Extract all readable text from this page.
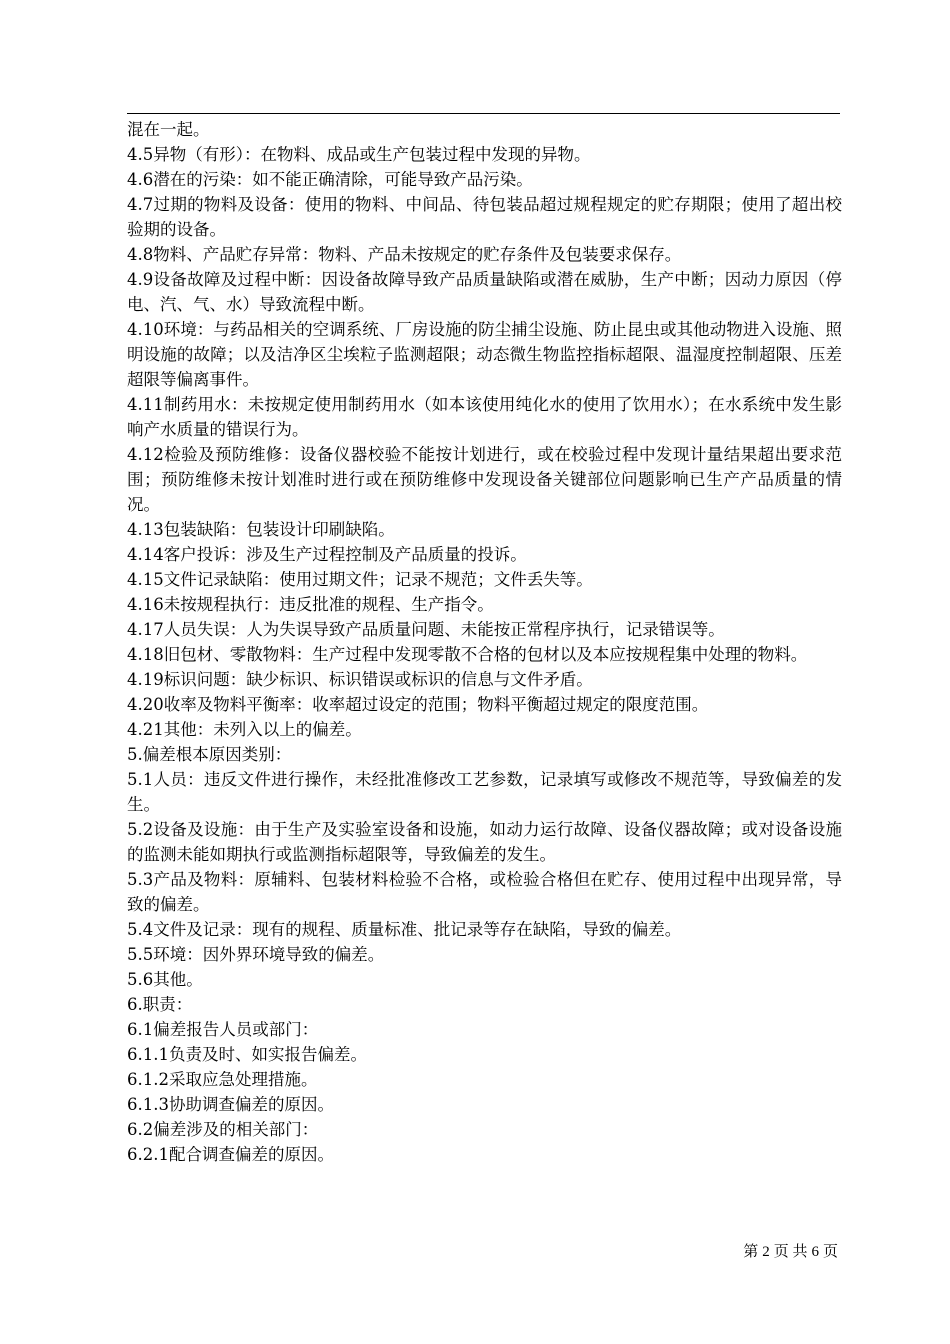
混在一起。

4.5异物（有形）：在物料、成品或生产包装过程中发现的异物。

4.6潜在的污染：如不能正确清除，可能导致产品污染。

4.7过期的物料及设备：使用的物料、中间品、待包装品超过规程规定的贮存期限；使用了超出校验期的设备。

4.8物料、产品贮存异常：物料、产品未按规定的贮存条件及包装要求保存。

4.9设备故障及过程中断：因设备故障导致产品质量缺陷或潜在威胁，生产中断；因动力原因（停电、汽、气、水）导致流程中断。

4.10环境：与药品相关的空调系统、厂房设施的防尘捕尘设施、防止昆虫或其他动物进入设施、照明设施的故障；以及洁净区尘埃粒子监测超限；动态微生物监控指标超限、温湿度控制超限、压差超限等偏离事件。

4.11制药用水：未按规定使用制药用水（如本该使用纯化水的使用了饮用水）；在水系统中发生影响产水质量的错误行为。

4.12检验及预防维修：设备仪器校验不能按计划进行，或在校验过程中发现计量结果超出要求范围；预防维修未按计划准时进行或在预防维修中发现设备关键部位问题影响已生产产品质量的情况。

4.13包装缺陷：包装设计印刷缺陷。

4.14客户投诉：涉及生产过程控制及产品质量的投诉。

4.15文件记录缺陷：使用过期文件；记录不规范；文件丢失等。

4.16未按规程执行：违反批准的规程、生产指令。

4.17人员失误：人为失误导致产品质量问题、未能按正常程序执行，记录错误等。

4.18旧包材、零散物料：生产过程中发现零散不合格的包材以及本应按规程集中处理的物料。

4.19标识问题：缺少标识、标识错误或标识的信息与文件矛盾。

4.20收率及物料平衡率：收率超过设定的范围；物料平衡超过规定的限度范围。

4.21其他：未列入以上的偏差。

5.偏差根本原因类别：

5.1人员：违反文件进行操作，未经批准修改工艺参数，记录填写或修改不规范等，导致偏差的发生。

5.2设备及设施：由于生产及实验室设备和设施，如动力运行故障、设备仪器故障；或对设备设施的监测未能如期执行或监测指标超限等，导致偏差的发生。

5.3产品及物料：原辅料、包装材料检验不合格，或检验合格但在贮存、使用过程中出现异常，导致的偏差。

5.4文件及记录：现有的规程、质量标准、批记录等存在缺陷，导致的偏差。

5.5环境：因外界环境导致的偏差。

5.6其他。

6.职责：

6.1偏差报告人员或部门：

6.1.1负责及时、如实报告偏差。

6.1.2采取应急处理措施。

6.1.3协助调查偏差的原因。

6.2偏差涉及的相关部门：

6.2.1配合调查偏差的原因。

第 2 页 共 6 页
